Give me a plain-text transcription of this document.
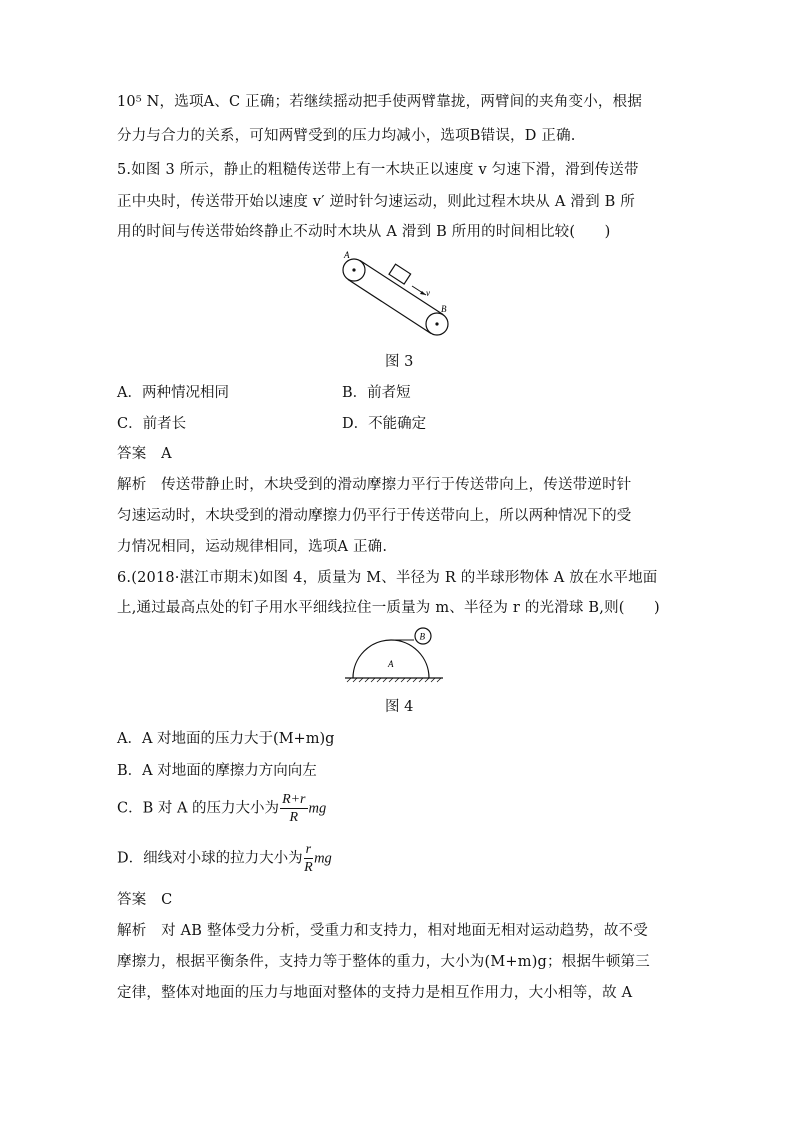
10⁵ N，选项A、C 正确；若继续摇动把手使两臂靠拢，两臂间的夹角变小，根据
分力与合力的关系，可知两臂受到的压力均减小，选项B错误，D 正确.
5.如图 3 所示，静止的粗糙传送带上有一木块正以速度 v 匀速下滑，滑到传送带
正中央时，传送带开始以速度 v′ 逆时针匀速运动，则此过程木块从 A 滑到 B 所
用的时间与传送带始终静止不动时木块从 A 滑到 B 所用的时间相比较(　　)
A
B
v
图 3
A．两种情况相同	B．前者短
C．前者长	D．不能确定
答案　A
解析　传送带静止时，木块受到的滑动摩擦力平行于传送带向上，传送带逆时针
匀速运动时，木块受到的滑动摩擦力仍平行于传送带向上，所以两种情况下的受
力情况相同，运动规律相同，选项A 正确.
6.(2018·湛江市期末)如图 4，质量为 M、半径为 R 的半球形物体 A 放在水平地面
上,通过最高点处的钉子用水平细线拉住一质量为 m、半径为 r 的光滑球 B,则(　　)
B
A
图 4
A．A 对地面的压力大于(M+m)g
B．A 对地面的摩擦力方向向左
C．B 对 A 的压力大小为 $\frac{R+r}{R}$ mg
D．细线对小球的拉力大小为 $\frac{r}{R}$ mg
答案　C
解析　对 AB 整体受力分析，受重力和支持力，相对地面无相对运动趋势，故不受
摩擦力，根据平衡条件，支持力等于整体的重力，大小为(M+m)g；根据牛顿第三
定律，整体对地面的压力与地面对整体的支持力是相互作用力，大小相等，故 A
